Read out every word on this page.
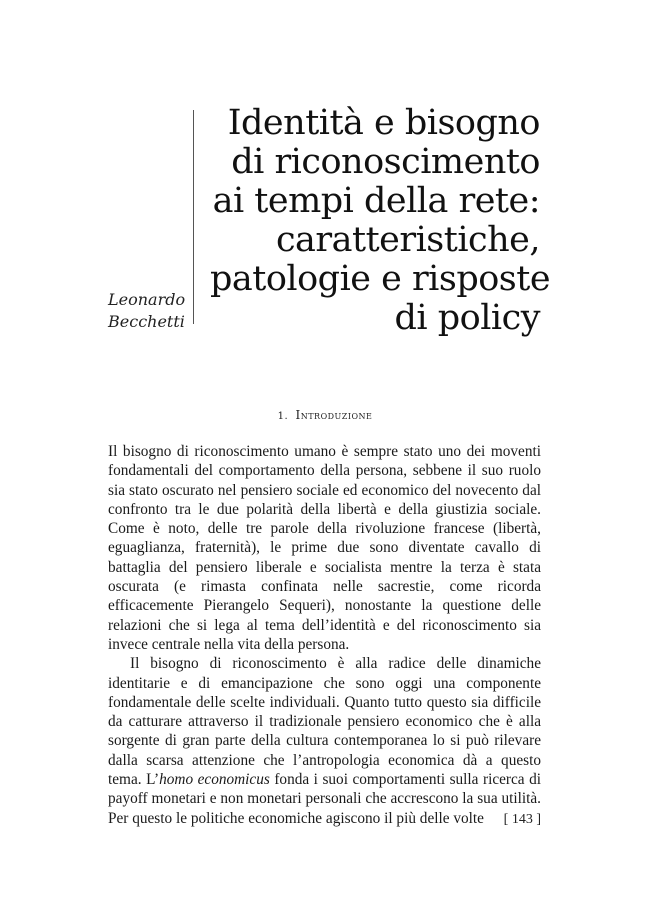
Leonardo
Becchetti
Identità e bisogno
di riconoscimento
ai tempi della rete:
caratteristiche,
patologie e risposte
di policy
1. Introduzione

Il bisogno di riconoscimento umano è sempre stato uno dei moventi fondamentali del comportamento della persona, sebbene il suo ruolo sia stato oscurato nel pensiero sociale ed economico del novecento dal confronto tra le due polarità della libertà e della giustizia sociale. Come è noto, delle tre parole della rivoluzione francese (libertà, eguaglianza, fraternità), le prime due sono diventate cavallo di battaglia del pensiero liberale e socialista mentre la terza è stata oscurata (e rimasta confinata nelle sacrestie, come ricorda efficacemente Pierangelo Sequeri), nonostante la questione delle relazioni che si lega al tema dell’identità e del riconoscimento sia invece centrale nella vita della persona.

Il bisogno di riconoscimento è alla radice delle dinamiche identitarie e di emancipazione che sono oggi una componente fondamentale delle scelte individuali. Quanto tutto questo sia difficile da catturare attraverso il tradizionale pensiero economico che è alla sorgente di gran parte della cultura contemporanea lo si può rilevare dalla scarsa attenzione che l’antropologia economica dà a questo tema. L’homo economicus fonda i suoi comportamenti sulla ricerca di payoff monetari e non monetari personali che accrescono la sua utilità. Per questo le politiche economiche agiscono il più delle volte	[ 143 ]
